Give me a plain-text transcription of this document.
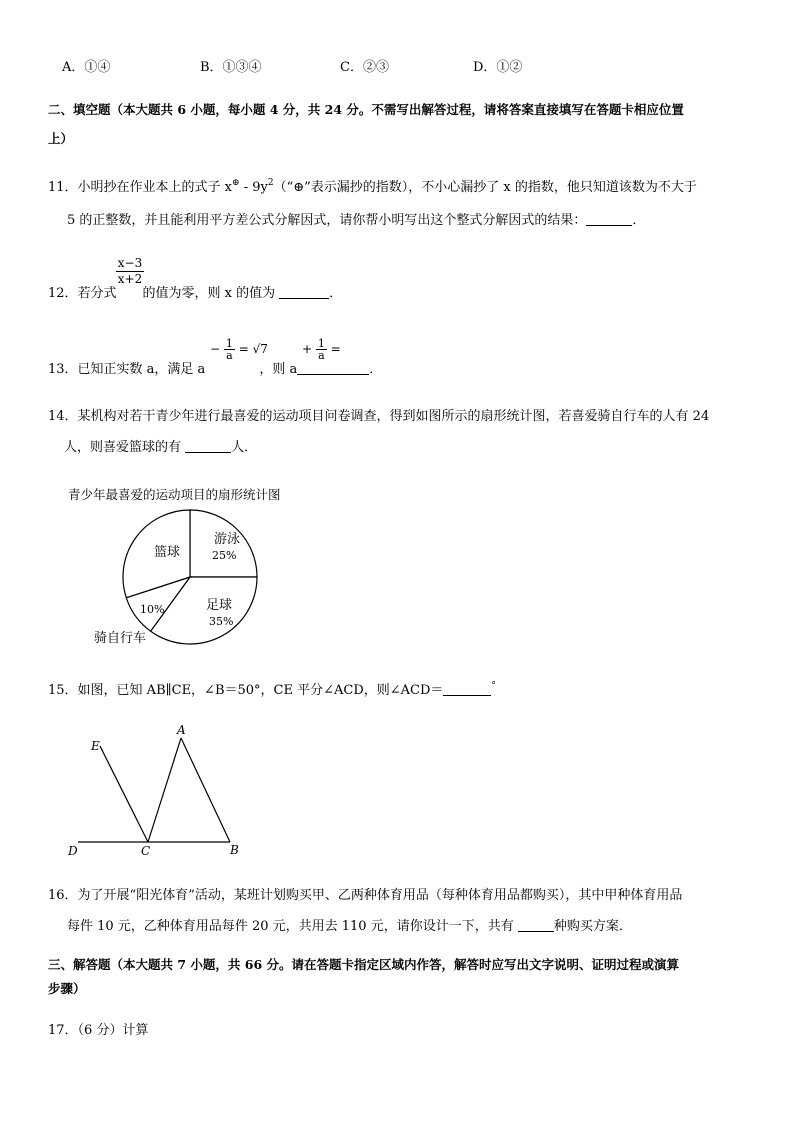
A．①④	B．①③④	C．②③	D．①②
二、填空题（本大题共 6 小题，每小题 4 分，共 24 分。不需写出解答过程，请将答案直接填写在答题卡相应位置
上）
11．小明抄在作业本上的式子 $x^\oplus - 9y^2(“\oplus$”表示漏抄的指数），不小心漏抄了 x 的指数，他只知道该数为不大于
5 的正整数，并且能利用平方差公式分解因式，请你帮小明写出这个整式分解因式的结果：	．
$\frac{x-3}{x+2}$
12．若分式 的值为零，则 x 的值为	．
− $\frac{1}{a} = √7$	+ $\frac{1}{a}$ =
13．已知正实数 a，满足 a	，则 a	．
14．某机构对若干青少年进行最喜爱的运动项目问卷调查，得到如图所示的扇形统计图，若喜爱骑自行车的人有 24
人，则喜爱篮球的有	人．
青少年最喜爱的运动项目的扇形统计图
游泳
25%
足球
35%
骑自行车
10%
篮球
15．如图，已知 AB∥CE，∠B＝50°，CE 平分∠ACD，则∠ACD＝	°
E
A
D	C	B
16．为了开展“阳光体育”活动，某班计划购买甲、乙两种体育用品（每种体育用品都购买），其中甲种体育用品
每件 10 元，乙种体育用品每件 20 元，共用去 110 元，请你设计一下，共有	种购买方案．
三、解答题（本大题共 7 小题，共 66 分。请在答题卡指定区域内作答，解答时应写出文字说明、证明过程或演算
步骤）
17．（6 分）计算
